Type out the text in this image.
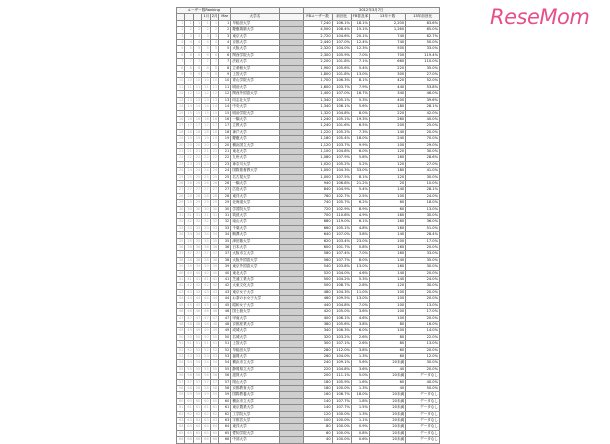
ユーザー数Ranking								2012年3月7日				
			1月	2月	Mar	大学名		FBユーザー数	前回比	FB普及率	13年ナ数	13年前回比
1	1	1	1	1	1	早稲田大学		7,240	106.1%	18.1%	2,200	83.6%
2	2	2	2	2	2	慶應義塾大学		4,500	108.4%	15.1%	1,260	65.0%
3	3	3	3	3	3	東京大学		2,720	104.6%	20.1%	740	62.7%
4	4	4	4	4	4	京都大学		2,440	107.0%	12.4%	740	50.0%
5	5	5	5	5	5	大阪大学		2,320	104.0%	12.3%	500	33.0%
6	6	6	6	6	6	関西学院大学		2,300	105.9%	7.0%	700	119.4%
7	7	7	7	7	7	法政大学		2,200	101.8%	7.1%	660	110.0%
8	8	8	8	8	8	立命館大学		1,900	105.6%	5.4%	220	35.0%
9	9	9	9	9	9	上智大学		1,800	101.8%	13.0%	300	27.0%
10	10	10	10	10	10	青山学院大学		1,700	106.3%	8.1%	420	52.0%
11	11	11	11	11	11	明治大学		1,600	103.7%	7.9%	440	53.8%
12	12	12	12	12	12	関西外国語大学		1,400	107.0%	16.7%	340	46.0%
13	13	13	13	13	13	同志社大学		1,340	105.1%	5.3%	400	39.6%
14	14	14	14	14	14	中央大学		1,340	106.1%	5.6%	180	28.1%
15	15	15	15	15	15	明治学院大学		1,320	104.8%	8.0%	220	42.0%
16	16	16	16	16	16	一橋大学		1,240	105.1%	19.3%	260	40.0%
17	17	17	17	17	17	立教大学		1,240	101.6%	6.5%	200	25.0%
18	18	18	18	18	18	神戸大学		1,220	105.2%	7.3%	140	20.0%
19	19	19	19	19	19	慶應大学		1,180	105.4%	18.0%	240	70.0%
20	20	20	20	20	20	横浜国立大学		1,120	103.7%	9.9%	100	29.0%
21	21	21	21	21	21	東北大学		1,100	104.8%	6.0%	120	30.0%
22	22	22	22	22	22	九州大学		1,080	107.9%	5.8%	160	28.6%
23	23	23	23	23	23	神奈川大学		1,020	105.2%	5.2%	120	27.0%
24	24	24	24	24	24	国際基督教大学		1,000	104.3%	33.0%	180	41.0%
25	25	25	25	25	25	名古屋大学		1,000	107.5%	8.1%	120	30.0%
26	26	26	26	26	26	一橋大学		940	106.8%	21.2%	20	10.0%
27	27	27	27	27	27	広島大学		840	104.9%	5.4%	140	28.1%
28	28	28	28	28	28	東洋大学		760	102.7%	2.5%	100	24.0%
29	29	29	29	29	29	北海道大学		740	105.7%	6.2%	60	18.0%
30	30	30	30	30	30	学習院大学		720	102.9%	8.9%	60	13.0%
31	31	31	31	31	31	筑波大学		700	110.8%	4.9%	160	30.0%
32	32	32	32	32	32	南山大学		680	119.0%	6.1%	160	36.0%
33	33	33	33	33	33	千葉大学		660	105.1%	4.8%	160	51.0%
34	34	34	34	34	34	駒澤大学		640	107.0%	3.8%	140	28.4%
35	35	35	35	35	35	津田塾大学		620	103.4%	23.0%	100	17.0%
36	36	36	36	36	36	日本大学		600	101.7%	0.8%	160	20.0%
37	37	37	37	37	37	大阪市立大学		580	107.4%	7.0%	160	33.0%
38	38	38	38	38	38	大阪外国語大学		560	107.7%	8.0%	140	35.0%
39	39	39	39	39	39	東京外国語大学		540	103.8%	13.0%	160	30.0%
40	40	40	40	40	40	東北大学		520	104.0%	4.6%	140	20.0%
41	41	41	41	41	41	芝浦工業大学		500	104.2%	5.3%	140	24.0%
42	42	42	42	42	42	大東文化大学		500	108.7%	2.8%	120	30.0%
43	43	43	43	43	43	東京女子大学		480	104.3%	11.0%	100	20.0%
44	44	44	44	44	44	お茶の水女子大学		460	109.5%	13.0%	100	20.0%
45	45	45	45	45	45	昭和女子大学		440	104.8%	7.0%	100	13.0%
46	46	46	46	46	46	国士舘大学		420	105.0%	3.6%	100	17.0%
47	47	47	47	47	47	甲南大学		400	106.1%	4.6%	100	20.0%
48	48	48	48	48	48	京都産業大学		380	105.6%	3.8%	80	16.0%
49	49	49	49	49	49	成城大学		340	106.3%	6.0%	100	14.0%
50	50	50	50	50	50	名城大学		320	103.2%	2.6%	80	22.0%
51	51	51	51	51	51	上智大学		300	107.1%	2.6%	80	13.0%
52	52	52	52	52	52	早稲田大学		280	112.0%	3.8%	60	20.0%
53	53	53	53	53	53	福岡大学		260	104.0%	1.3%	60	12.0%
54	54	54	54	54	54	横浜市立大学		240	109.1%	5.6%	20未満	30.0%
55	55	55	55	55	55	静岡県立大学		220	104.8%	3.6%	40	20.0%
56	56	56	56	56	56	滋賀大学		200	111.1%	5.0%	20未満	データなし
57	57	57	57	57	57	岡山大学		180	105.9%	1.6%	60	40.0%
58	58	58	58	58	58	京都教育大学		180	100.0%	1.3%	40	50.0%
59	59	59	59	59	59	国際教養大学		160	106.7%	18.0%	20未満	データなし
60	60	60	60	60	60	横浜市立大学		140	107.7%	1.8%	20未満	データなし
61	61	61	61	61	61	東京農業大学		140	107.7%	1.5%	20未満	データなし
62	62	62	62	62	62	工学院大学		120	100.0%	1.3%	20未満	データなし
63	63	63	63	63	63	宇都宮大学		100	100.0%	1.1%	20未満	データなし
64	64	64	64	64	64	東洋大学		80	100.0%	0.9%	20未満	データなし
65	65	65	65	65	65	愛知学院大学		60	100.0%	0.8%	20未満	データなし
66	66	66	66	66	66	中部大学		40	100.0%	0.6%	20未満	データなし
ReseMom
